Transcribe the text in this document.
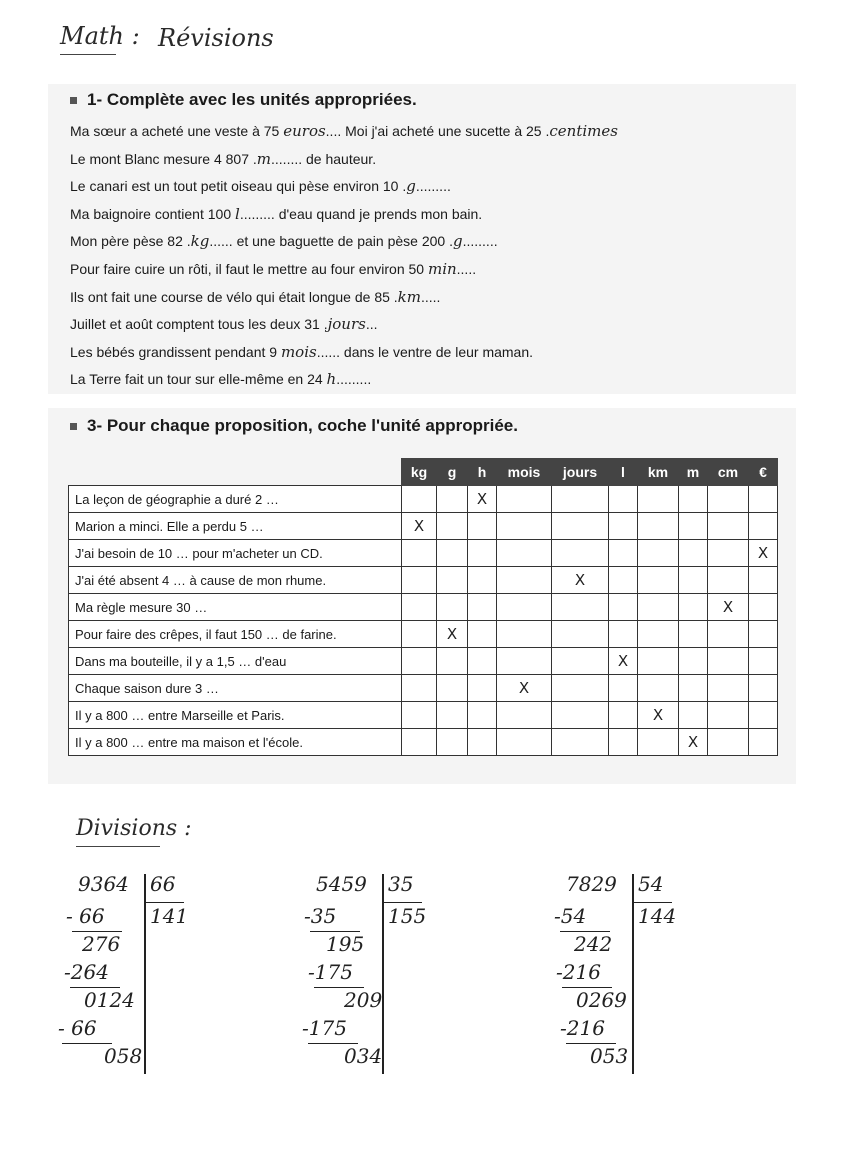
Math : Révisions
1- Complète avec les unités appropriées.
Ma sœur a acheté une veste à 75 euros.... Moi j'ai acheté une sucette à 25 .centimes
Le mont Blanc mesure 4 807 .m........ de hauteur.
Le canari est un tout petit oiseau qui pèse environ 10 .g.........
Ma baignoire contient 100 l......... d'eau quand je prends mon bain.
Mon père pèse 82 .kg...... et une baguette de pain pèse 200 .g.........
Pour faire cuire un rôti, il faut le mettre au four environ 50 min.....
Ils ont fait une course de vélo qui était longue de 85 .km.....
Juillet et août comptent tous les deux 31 .jours...
Les bébés grandissent pendant 9 mois...... dans le ventre de leur maman.
La Terre fait un tour sur elle-même en 24 h.........
3- Pour chaque proposition, coche l'unité appropriée.
	kg	g	h	mois	jours	l	km	m	cm	€
La leçon de géographie a duré 2 …			X							
Marion a minci. Elle a perdu 5 …	X									
J'ai besoin de 10 … pour m'acheter un CD.										X
J'ai été absent 4 … à cause de mon rhume.					X					
Ma règle mesure 30 …									X	
Pour faire des crêpes, il faut 150 … de farine.		X								
Dans ma bouteille, il y a 1,5 … d'eau						X				
Chaque saison dure 3 …				X						
Il y a 800 … entre Marseille et Paris.							X			
Il y a 800 … entre ma maison et l'école.								X		
Divisions :
9364 66
141
- 66
276
-264
0124
- 66
058
5459 35
155
-35
195
-175
209
-175
034
7829 54
144
-54
242
-216
0269
-216
053
